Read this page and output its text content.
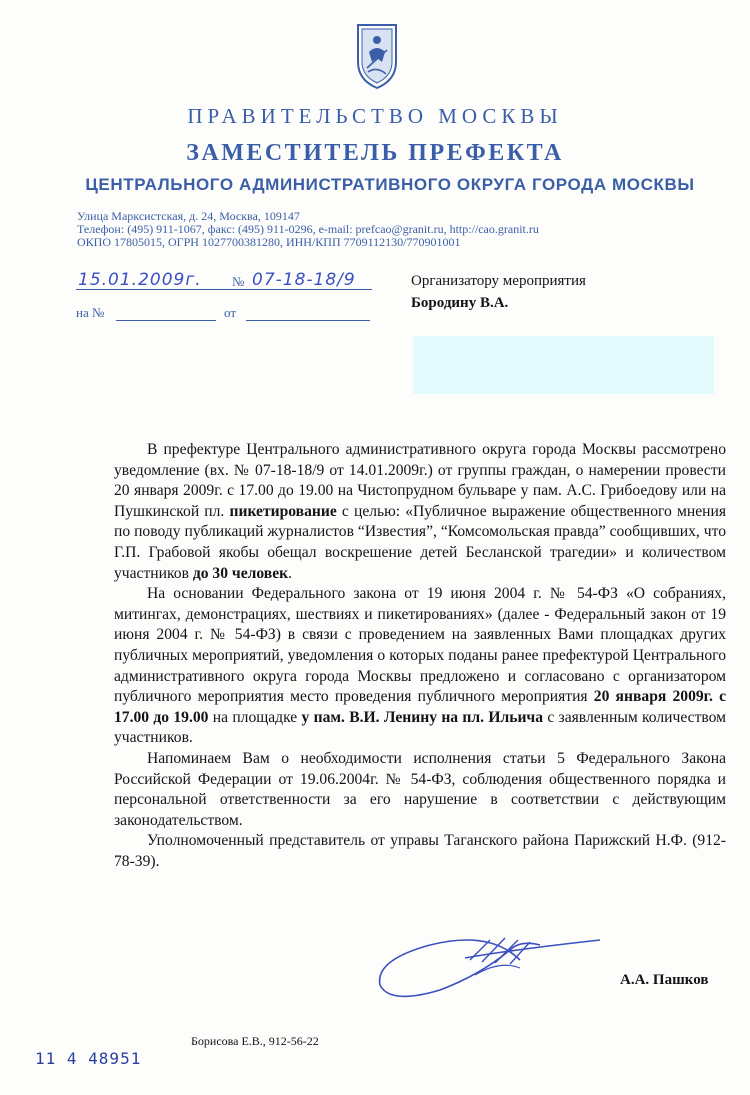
ПРАВИТЕЛЬСТВО МОСКВЫ
ЗАМЕСТИТЕЛЬ ПРЕФЕКТА
ЦЕНТРАЛЬНОГО АДМИНИСТРАТИВНОГО ОКРУГА ГОРОДА МОСКВЫ
Улица Марксистская, д. 24, Москва, 109147
Телефон: (495) 911-1067, факс: (495) 911-0296, e-mail: prefcao@granit.ru, http://cao.granit.ru
ОКПО 17805015, ОГРН 1027700381280, ИНН/КПП 7709112130/770901001
15.01.2009г. № 07-18-18/9
на №	от
Организатору мероприятия
Бородину В.А.

В префектуре Центрального административного округа города Москвы рассмотрено уведомление (вх. № 07-18-18/9 от 14.01.2009г.) от группы граждан, о намерении провести 20 января 2009г. с 17.00 до 19.00 на Чистопрудном бульваре у пам. А.С. Грибоедову или на Пушкинской пл. пикетирование с целью: «Публичное выражение общественного мнения по поводу публикаций журналистов “Известия”, “Комсомольская правда” сообщивших, что Г.П. Грабовой якобы обещал воскрешение детей Бесланской трагедии» и количеством участников до 30 человек.

На основании Федерального закона от 19 июня 2004 г. № 54-ФЗ «О собраниях, митингах, демонстрациях, шествиях и пикетированиях» (далее - Федеральный закон от 19 июня 2004 г. № 54-ФЗ) в связи с проведением на заявленных Вами площадках других публичных мероприятий, уведомления о которых поданы ранее префектурой Центрального административного округа города Москвы предложено и согласовано с организатором публичного мероприятия место проведения публичного мероприятия 20 января 2009г. с 17.00 до 19.00 на площадке у пам. В.И. Ленину на пл. Ильича с заявленным количеством участников.

Напоминаем Вам о необходимости исполнения статьи 5 Федерального Закона Российской Федерации от 19.06.2004г. № 54-ФЗ, соблюдения общественного порядка и персональной ответственности за его нарушение в соответствии с действующим законодательством.

Уполномоченный представитель от управы Таганского района Парижский Н.Ф. (912-78-39).

А.А. Пашков
Борисова Е.В., 912-56-22
11 4 48951
